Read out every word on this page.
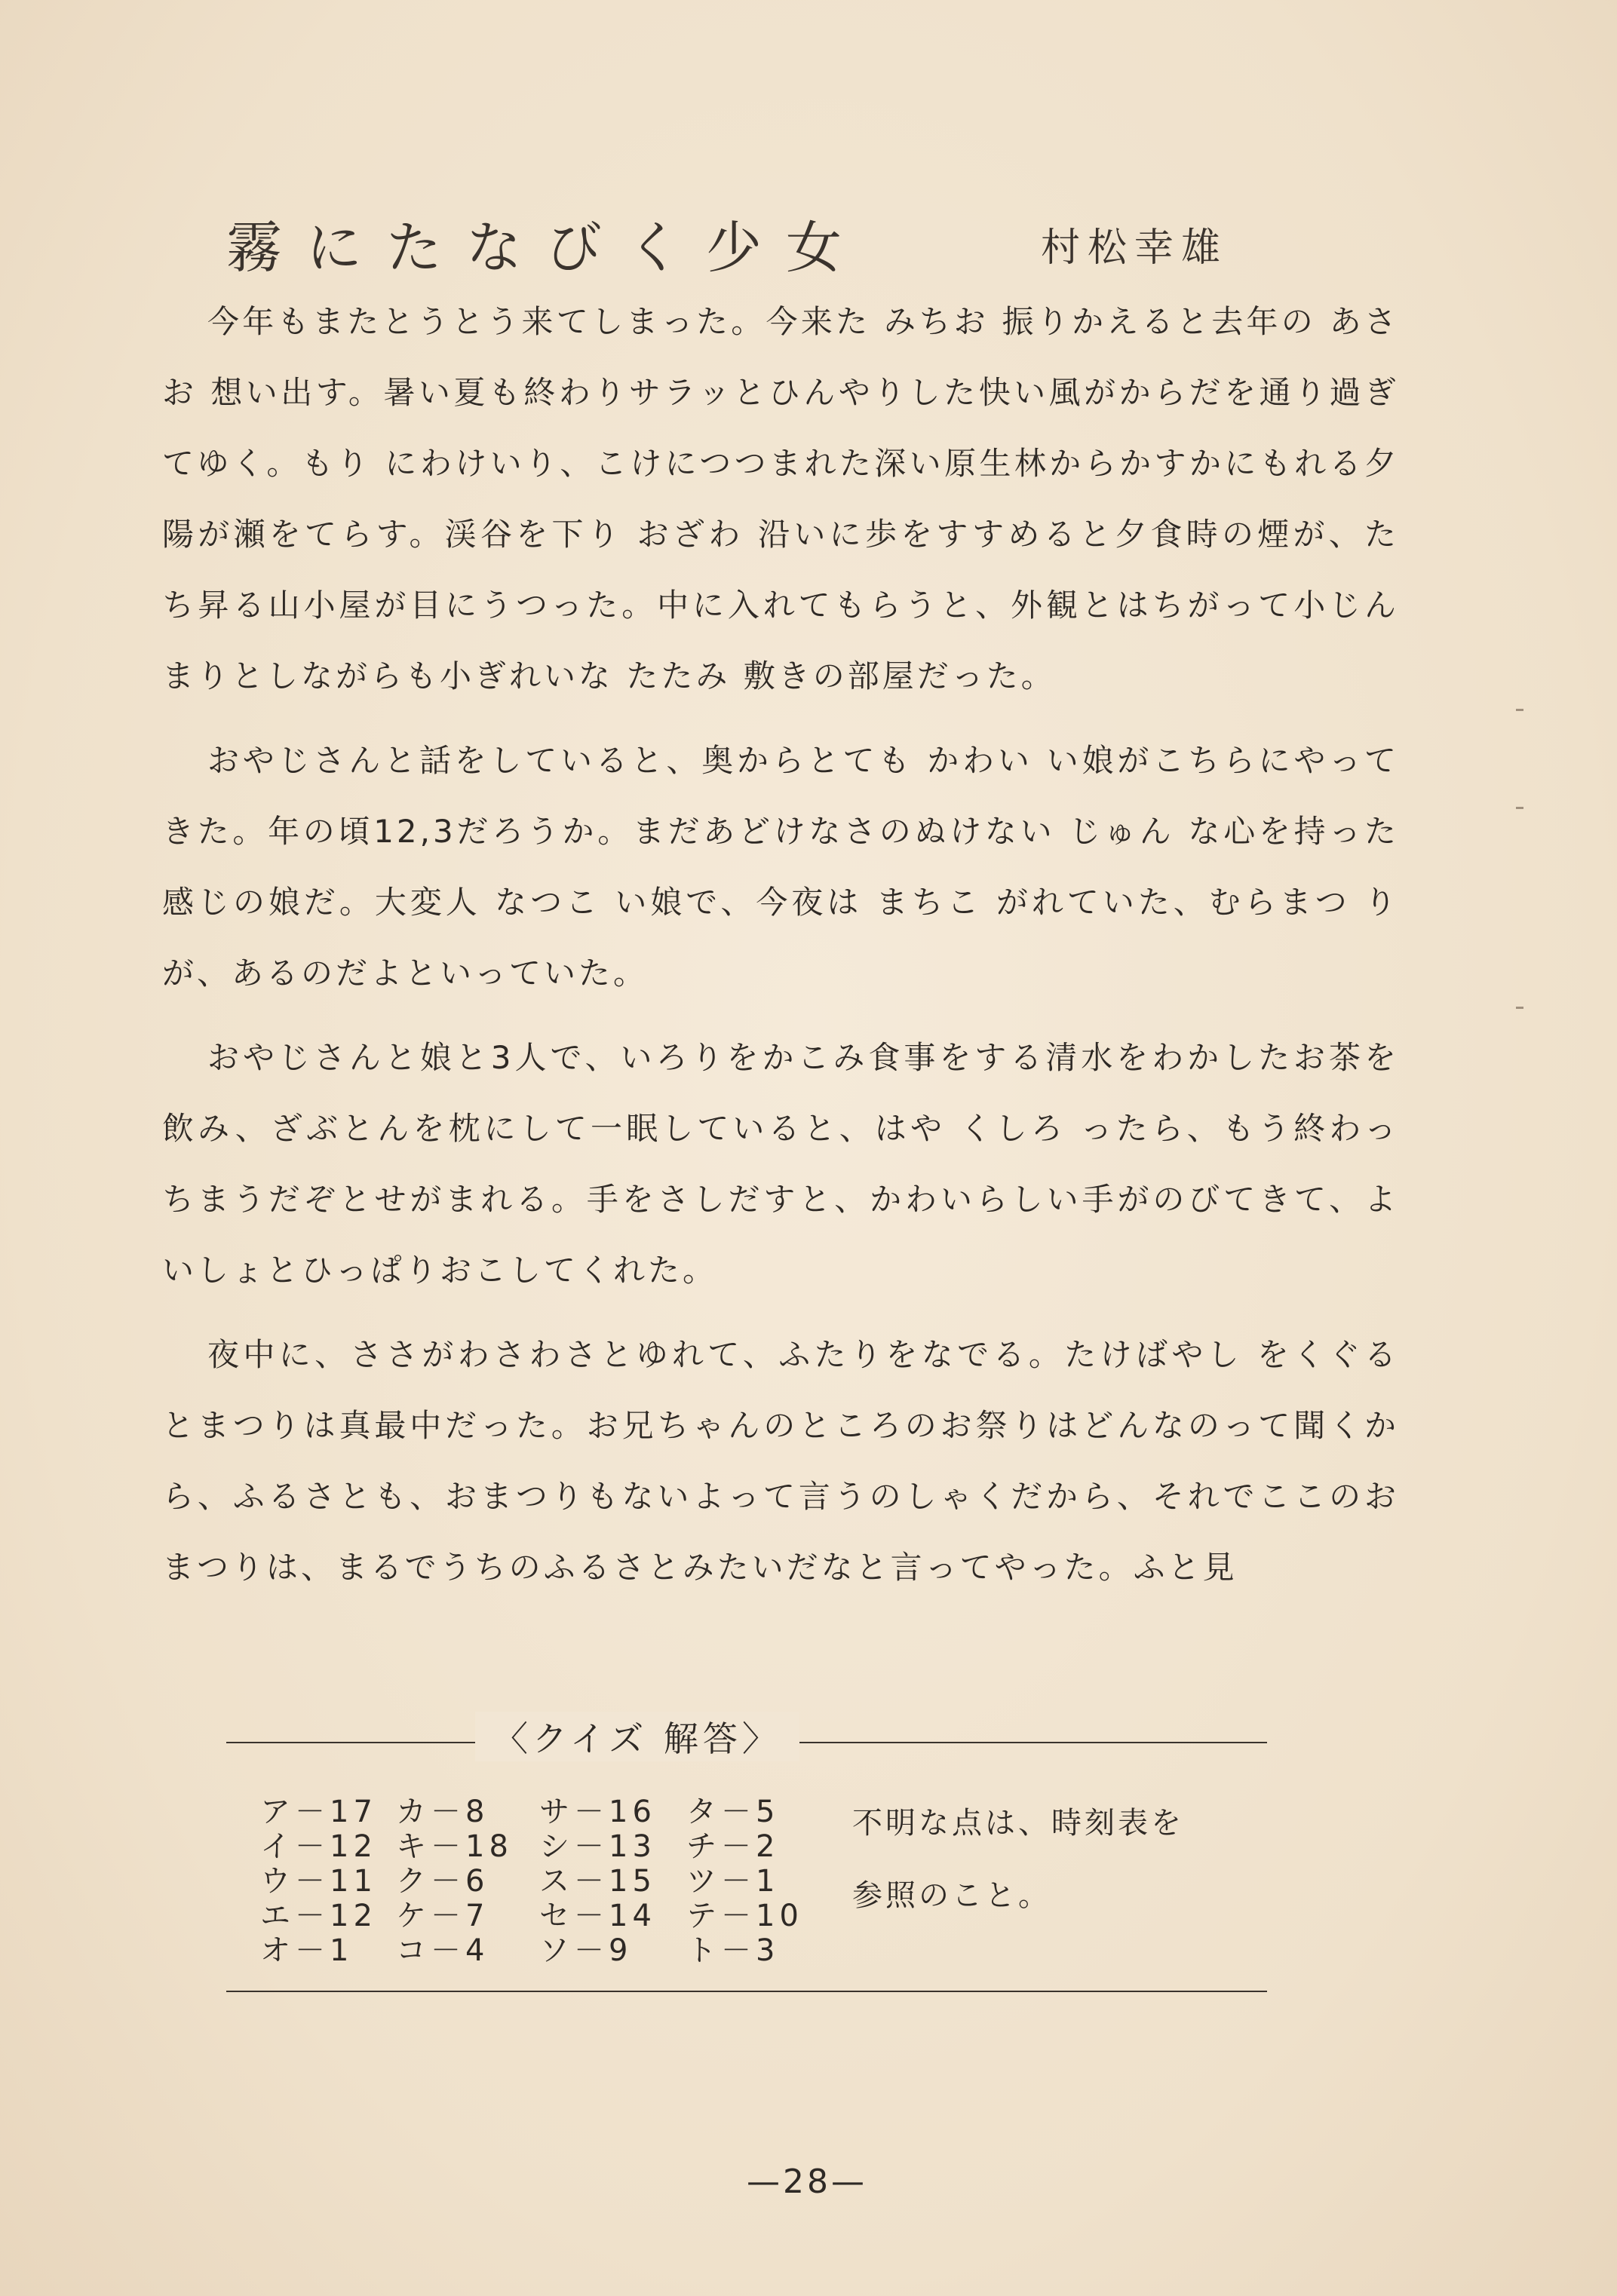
霧にたなびく少女	村松幸雄

今年もまたとうとう来てしまった。今来た みちお 振りかえると去年の あさお 想い出す。暑い夏も終わりサラッとひんやりした快い風がからだを通り過ぎてゆく。もり にわけいり、こけにつつまれた深い原生林からかすかにもれる夕陽が瀬をてらす。渓谷を下り おざわ 沿いに歩をすすめると夕食時の煙が、たち昇る山小屋が目にうつった。中に入れてもらうと、外観とはちがって小じんまりとしながらも小ぎれいな たたみ 敷きの部屋だった。

おやじさんと話をしていると、奥からとても かわい い娘がこちらにやってきた。年の頃12,3だろうか。まだあどけなさのぬけない じゅん な心を持った感じの娘だ。大変人 なつこ い娘で、今夜は まちこ がれていた、むらまつ りが、あるのだよといっていた。

おやじさんと娘と3人で、いろりをかこみ食事をする清水をわかしたお茶を飲み、ざぶとんを枕にして一眠していると、はや くしろ ったら、もう終わっちまうだぞとせがまれる。手をさしだすと、かわいらしい手がのびてきて、よいしょとひっぱりおこしてくれた。

夜中に、ささがわさわさとゆれて、ふたりをなでる。たけばやし をくぐるとまつりは真最中だった。お兄ちゃんのところのお祭りはどんなのって聞くから、ふるさとも、おまつりもないよって言うのしゃくだから、それでここのおまつりは、まるでうちのふるさとみたいだなと言ってやった。ふと見

〈クイズ 解答〉
ア－17
イ－12
ウ－11
エ－12
オ－1
カ－8
キ－18
ク－6
ケ－7
コ－4
サ－16
シ－13
ス－15
セ－14
ソ－9
タ－5
チ－2
ツ－1
テ－10
ト－3
不明な点は、時刻表を
参照のこと。
—28—
